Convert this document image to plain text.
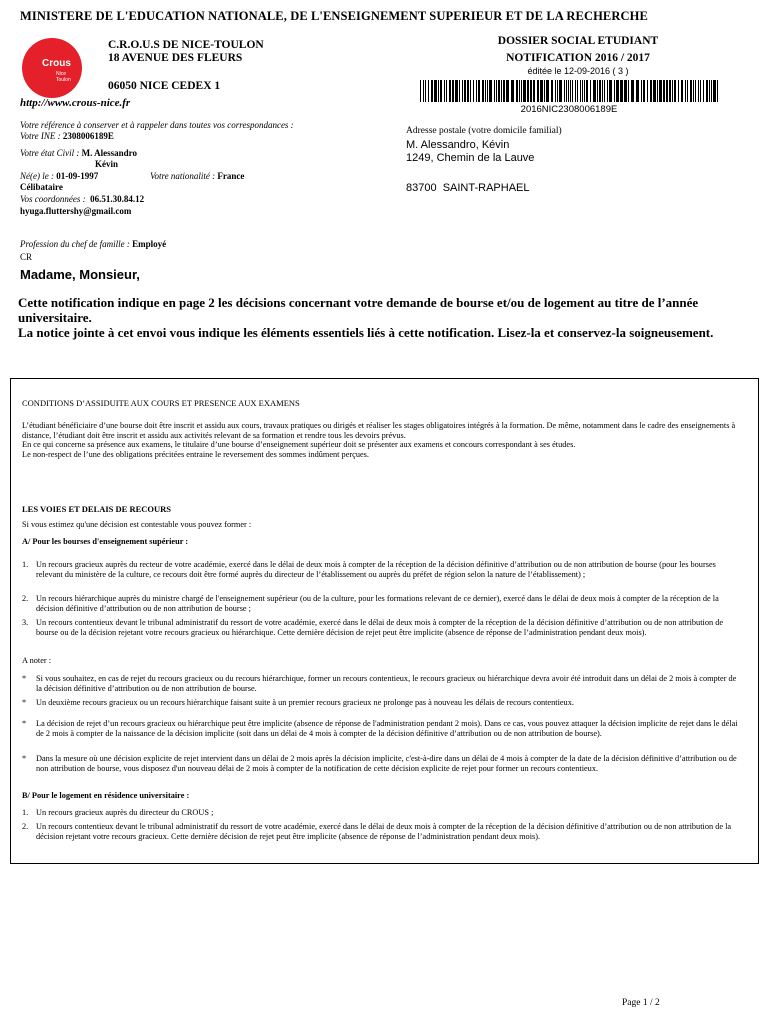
MINISTERE DE L'EDUCATION NATIONALE, DE L'ENSEIGNEMENT SUPERIEUR ET DE LA RECHERCHE
Crous
Nice Toulon
C.R.O.U.S DE NICE-TOULON
18 AVENUE DES FLEURS
06050 NICE CEDEX 1
http://www.crous-nice.fr
DOSSIER SOCIAL ETUDIANT
NOTIFICATION 2016 / 2017
éditée le 12-09-2016 ( 3 )
2016NIC2308006189E
Votre référence à conserver et à rappeler dans toutes vos correspondances :
Votre INE : 2308006189E
Votre état Civil : M. Alessandro
Kévin
Né(e) le : 01-09-1997	Votre nationalité : France
Célibataire
Vos coordonnées : 06.51.30.84.12
hyuga.fluttershy@gmail.com
Adresse postale (votre domicile familial)
M. Alessandro, Kévin
1249, Chemin de la Lauve
83700  SAINT-RAPHAEL
Profession du chef de famille : Employé
CR
Madame, Monsieur,
Cette notification indique en page 2 les décisions concernant votre demande de bourse et/ou de logement au titre de l’année universitaire.
La notice jointe à cet envoi vous indique les éléments essentiels liés à cette notification. Lisez-la et conservez-la soigneusement.
CONDITIONS D’ASSIDUITE AUX COURS ET PRESENCE AUX EXAMENS
L’étudiant bénéficiaire d’une bourse doit être inscrit et assidu aux cours, travaux pratiques ou dirigés et réaliser les stages obligatoires intégrés à la formation. De même, notamment dans le cadre des enseignements à distance, l’étudiant doit être inscrit et assidu aux activités relevant de sa formation et rendre tous les devoirs prévus.
En ce qui concerne sa présence aux examens, le titulaire d’une bourse d’enseignement supérieur doit se présenter aux examens et concours correspondant à ses études.
Le non-respect de l’une des obligations précitées entraine le reversement des sommes indûment perçues.
LES VOIES ET DELAIS DE RECOURS
Si vous estimez qu'une décision est contestable vous pouvez former :
A/ Pour les bourses d'enseignement supérieur :
1. Un recours gracieux auprès du recteur de votre académie, exercé dans le délai de deux mois à compter de la réception de la décision définitive d’attribution ou de non attribution de bourse (pour les bourses relevant du ministère de la culture, ce recours doit être formé auprès du directeur de l’établissement ou auprès du préfet de région selon la nature de l’établissement) ;
2. Un recours hiérarchique auprès du ministre chargé de l'enseignement supérieur (ou de la culture, pour les formations relevant de ce dernier), exercé dans le délai de deux mois à compter de la réception de la décision définitive d’attribution ou de non attribution de bourse ;
3. Un recours contentieux devant le tribunal administratif du ressort de votre académie, exercé dans le délai de deux mois à compter de la réception de la décision définitive d’attribution ou de non attribution de bourse ou de la décision rejetant votre recours gracieux ou hiérarchique. Cette dernière décision de rejet peut être implicite (absence de réponse de l’administration pendant deux mois).
A noter :
* Si vous souhaitez, en cas de rejet du recours gracieux ou du recours hiérarchique, former un recours contentieux, le recours gracieux ou hiérarchique devra avoir été introduit dans un délai de 2 mois à compter de la décision définitive d’attribution ou de non attribution de bourse.
* Un deuxième recours gracieux ou un recours hiérarchique faisant suite à un premier recours gracieux ne prolonge pas à nouveau les délais de recours contentieux.
* La décision de rejet d’un recours gracieux ou hiérarchique peut être implicite (absence de réponse de l'administration pendant 2 mois). Dans ce cas, vous pouvez attaquer la décision implicite de rejet dans le délai de 2 mois à compter de la naissance de la décision implicite (soit dans un délai de 4 mois à compter de la décision définitive d’attribution ou de non attribution de bourse).
* Dans la mesure où une décision explicite de rejet intervient dans un délai de 2 mois après la décision implicite, c'est-à-dire dans un délai de 4 mois à compter de la date de la décision définitive d’attribution ou de non attribution de bourse, vous disposez d'un nouveau délai de 2 mois à compter de la notification de cette décision explicite de rejet pour former un recours contentieux.
B/ Pour le logement en résidence universitaire :
1. Un recours gracieux auprès du directeur du CROUS ;
2. Un recours contentieux devant le tribunal administratif du ressort de votre académie, exercé dans le délai de deux mois à compter de la réception de la décision définitive d’attribution ou de non attribution de la décision rejetant votre recours gracieux. Cette dernière décision de rejet peut être implicite (absence de réponse de l’administration pendant deux mois).
Page 1 / 2
